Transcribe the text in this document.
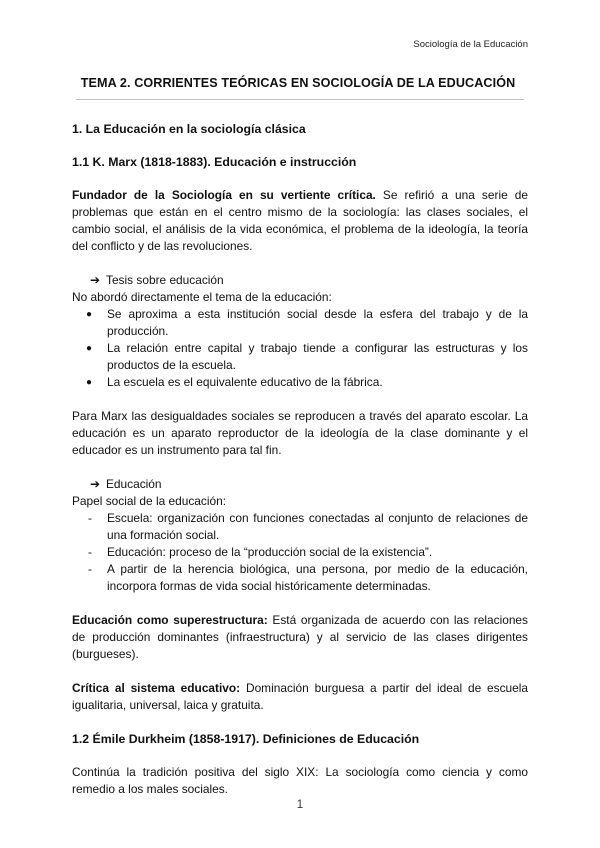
Sociología de la Educación
TEMA 2. CORRIENTES TEÓRICAS EN SOCIOLOGÍA DE LA EDUCACIÓN
1. La Educación en la sociología clásica
1.1 K. Marx (1818-1883). Educación e instrucción

Fundador de la Sociología en su vertiente crítica. Se refirió a una serie de problemas que están en el centro mismo de la sociología: las clases sociales, el cambio social, el análisis de la vida económica, el problema de la ideología, la teoría del conflicto y de las revoluciones.

➔ Tesis sobre educación

No abordó directamente el tema de la educación:

● Se aproxima a esta institución social desde la esfera del trabajo y de la producción.
● La relación entre capital y trabajo tiende a configurar las estructuras y los productos de la escuela.
● La escuela es el equivalente educativo de la fábrica.

Para Marx las desigualdades sociales se reproducen a través del aparato escolar. La educación es un aparato reproductor de la ideología de la clase dominante y el educador es un instrumento para tal fin.

➔ Educación

Papel social de la educación:

- Escuela: organización con funciones conectadas al conjunto de relaciones de una formación social.
- Educación: proceso de la “producción social de la existencia”.
- A partir de la herencia biológica, una persona, por medio de la educación, incorpora formas de vida social históricamente determinadas.

Educación como superestructura: Está organizada de acuerdo con las relaciones de producción dominantes (infraestructura) y al servicio de las clases dirigentes (burgueses).

Crítica al sistema educativo: Dominación burguesa a partir del ideal de escuela igualitaria, universal, laica y gratuita.

1.2 Émile Durkheim (1858-1917). Definiciones de Educación

Continúa la tradición positiva del siglo XIX: La sociología como ciencia y como remedio a los males sociales.

1
